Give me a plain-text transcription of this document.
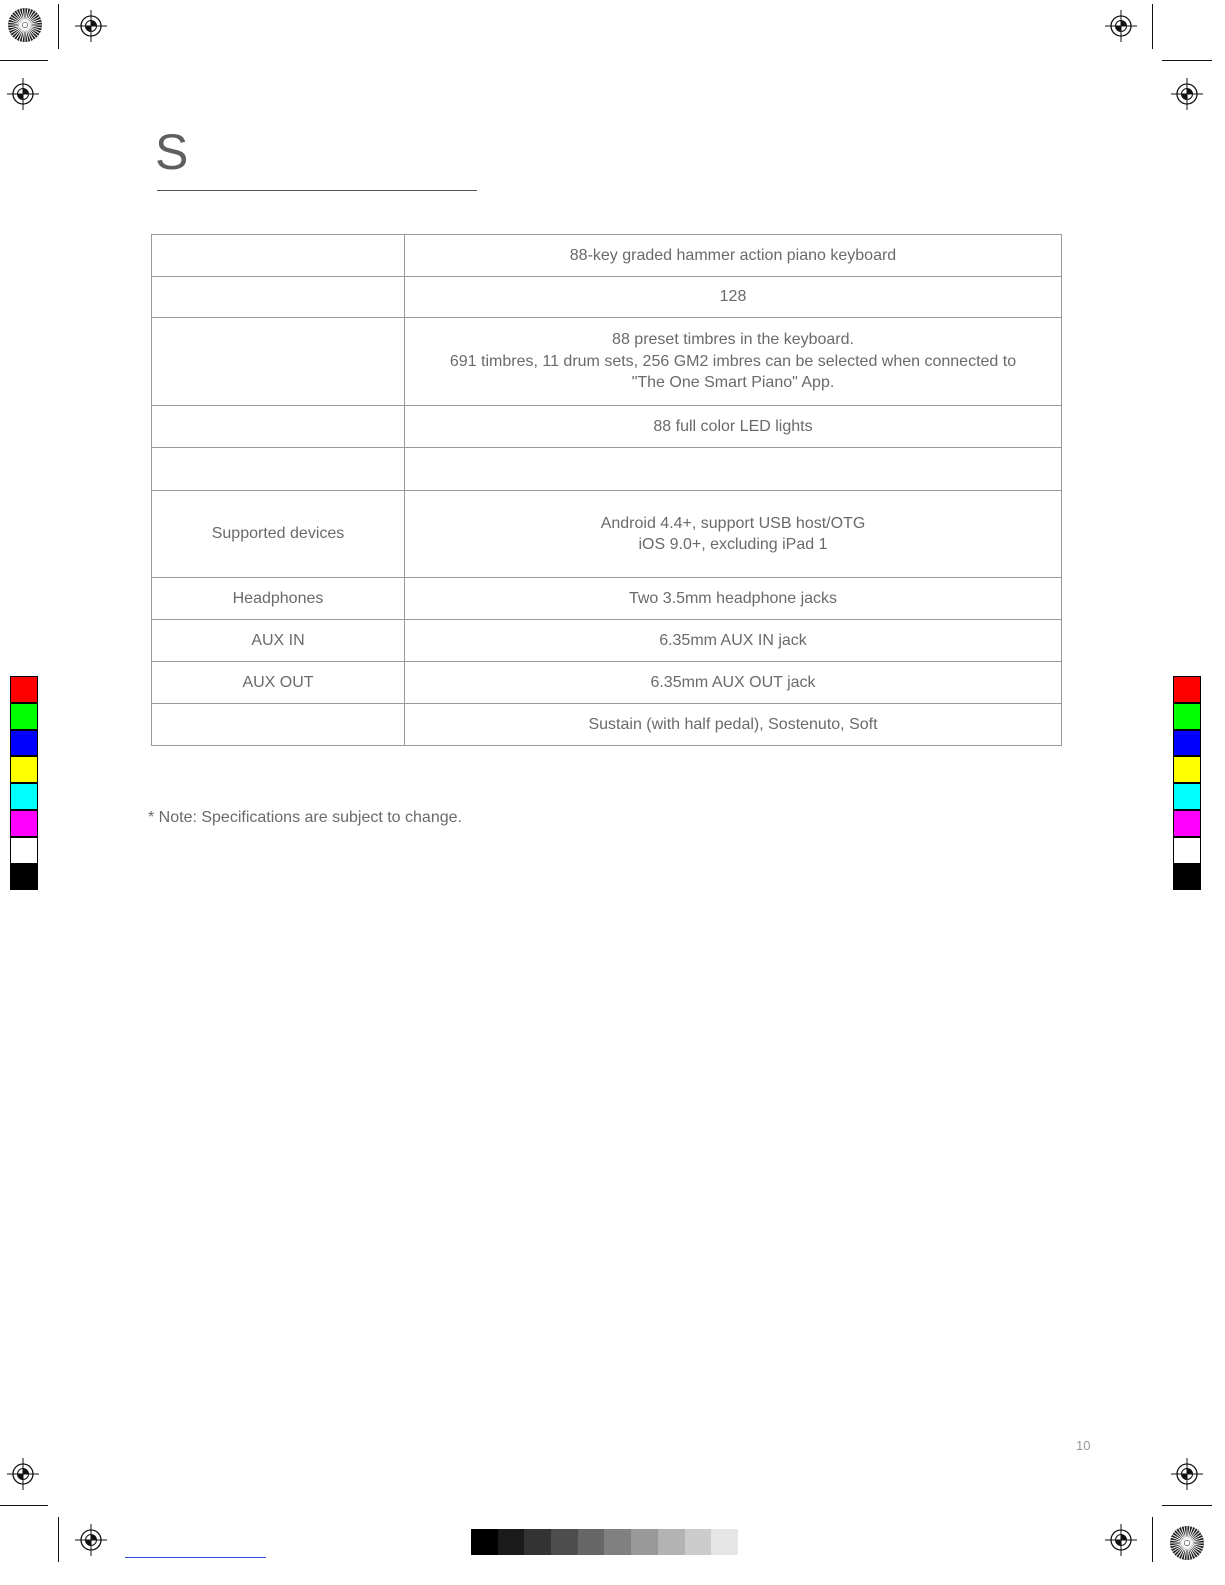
S

	88-key graded hammer action piano keyboard

	128

	88 preset timbres in the keyboard.
691 timbres, 11 drum sets, 256 GM2 imbres can be selected when connected to
"The One Smart Piano" App.

	88 full color LED lights

Supported devices	Android 4.4+, support USB host/OTG
iOS 9.0+, excluding iPad 1

Headphones	Two 3.5mm headphone jacks

AUX IN	6.35mm AUX IN jack

AUX OUT	6.35mm AUX OUT jack

	Sustain (with half pedal), Sostenuto, Soft
* Note: Specifications are subject to change.
10
